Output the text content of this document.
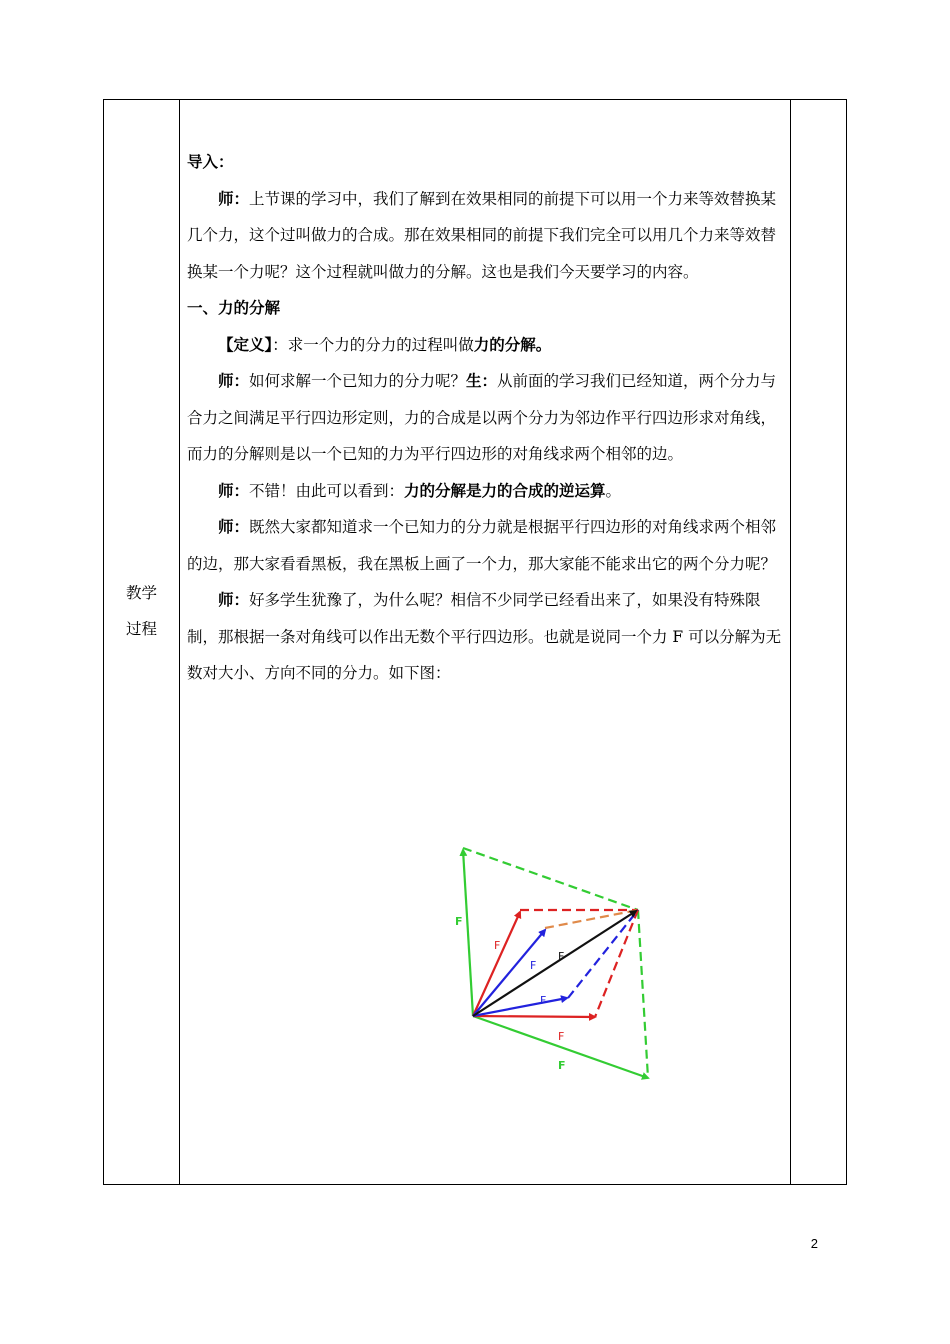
教学
过程

导入：

师：上节课的学习中，我们了解到在效果相同的前提下可以用一个力来等效替换某几个力，这个过叫做力的合成。那在效果相同的前提下我们完全可以用几个力来等效替换某一个力呢？这个过程就叫做力的分解。这也是我们今天要学习的内容。

一、力的分解

【定义】：求一个力的分力的过程叫做力的分解。

师：如何求解一个已知力的分力呢？生：从前面的学习我们已经知道，两个分力与合力之间满足平行四边形定则，力的合成是以两个分力为邻边作平行四边形求对角线，而力的分解则是以一个已知的力为平行四边形的对角线求两个相邻的边。

师：不错！由此可以看到：力的分解是力的合成的逆运算。

师：既然大家都知道求一个已知力的分力就是根据平行四边形的对角线求两个相邻的边，那大家看看黑板，我在黑板上画了一个力，那大家能不能求出它的两个分力呢？

师：好多学生犹豫了，为什么呢？相信不少同学已经看出来了，如果没有特殊限制，那根据一条对角线可以作出无数个平行四边形。也就是说同一个力 F 可以分解为无数对大小、方向不同的分力。如下图：

F
F
F
F
F
F
F
2
